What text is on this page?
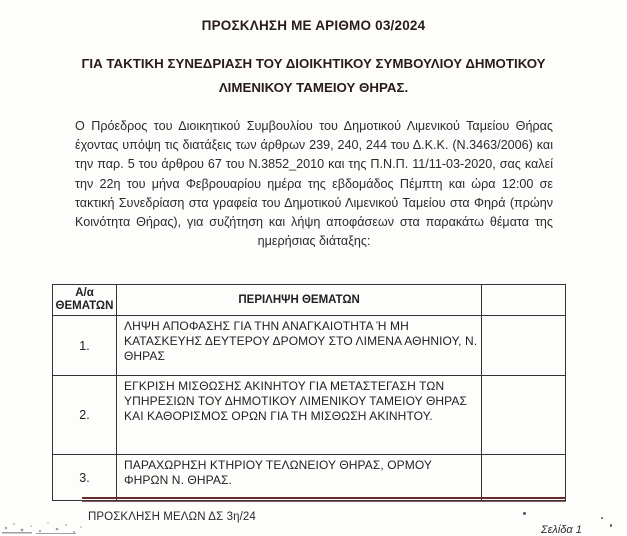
ΠΡΟΣΚΛΗΣΗ ΜΕ ΑΡΙΘΜΟ 03/2024
ΓΙΑ ΤΑΚΤΙΚΗ ΣΥΝΕΔΡΙΑΣΗ ΤΟΥ ΔΙΟΙΚΗΤΙΚΟΥ ΣΥΜΒΟΥΛΙΟΥ ΔΗΜΟΤΙΚΟΥ
ΛΙΜΕΝΙΚΟΥ ΤΑΜΕΙΟΥ ΘΗΡΑΣ.
Ο Πρόεδρος του Διοικητικού Συμβουλίου του Δημοτικού Λιμενικού Ταμείου Θήρας έχοντας υπόψη τις διατάξεις των άρθρων 239, 240, 244 του Δ.Κ.Κ. (Ν.3463/2006) και την παρ. 5 του άρθρου 67 του Ν.3852_2010 και της Π.Ν.Π. 11/11-03-2020, σας καλεί την 22η του μήνα Φεβρουαρίου ημέρα της εβδομάδος Πέμπτη και ώρα 12:00 σε τακτική Συνεδρίαση στα γραφεία του Δημοτικού Λιμενικού Ταμείου στα Φηρά (πρώην Κοινότητα Θήρας), για συζήτηση και λήψη αποφάσεων στα παρακάτω θέματα της ημερήσιας διάταξης:
Α/α
ΘΕΜΑΤΩΝ	ΠΕΡΙΛΗΨΗ ΘΕΜΑΤΩΝ	
1.	ΛΗΨΗ ΑΠΟΦΑΣΗΣ ΓΙΑ ΤΗΝ ΑΝΑΓΚΑΙΟΤΗΤΑ Ή ΜΗ ΚΑΤΑΣΚΕΥΗΣ ΔΕΥΤΕΡΟΥ ΔΡΟΜΟΥ ΣΤΟ ΛΙΜΕΝΑ ΑΘΗΝΙΟΥ, Ν. ΘΗΡΑΣ	
2.	ΕΓΚΡΙΣΗ ΜΙΣΘΩΣΗΣ ΑΚΙΝΗΤΟΥ ΓΙΑ ΜΕΤΑΣΤΕΓΑΣΗ ΤΩΝ ΥΠΗΡΕΣΙΩΝ ΤΟΥ ΔΗΜΟΤΙΚΟΥ ΛΙΜΕΝΙΚΟΥ ΤΑΜΕΙΟΥ ΘΗΡΑΣ ΚΑΙ ΚΑΘΟΡΙΣΜΟΣ ΟΡΩΝ ΓΙΑ ΤΗ ΜΙΣΘΩΣΗ ΑΚΙΝΗΤΟΥ.	
3.	ΠΑΡΑΧΩΡΗΣΗ ΚΤΗΡΙΟΥ ΤΕΛΩΝΕΙΟΥ ΘΗΡΑΣ, ΟΡΜΟΥ ΦΗΡΩΝ Ν. ΘΗΡΑΣ.	
ΠΡΟΣΚΛΗΣΗ ΜΕΛΩΝ ΔΣ 3η/24
Σελίδα 1
